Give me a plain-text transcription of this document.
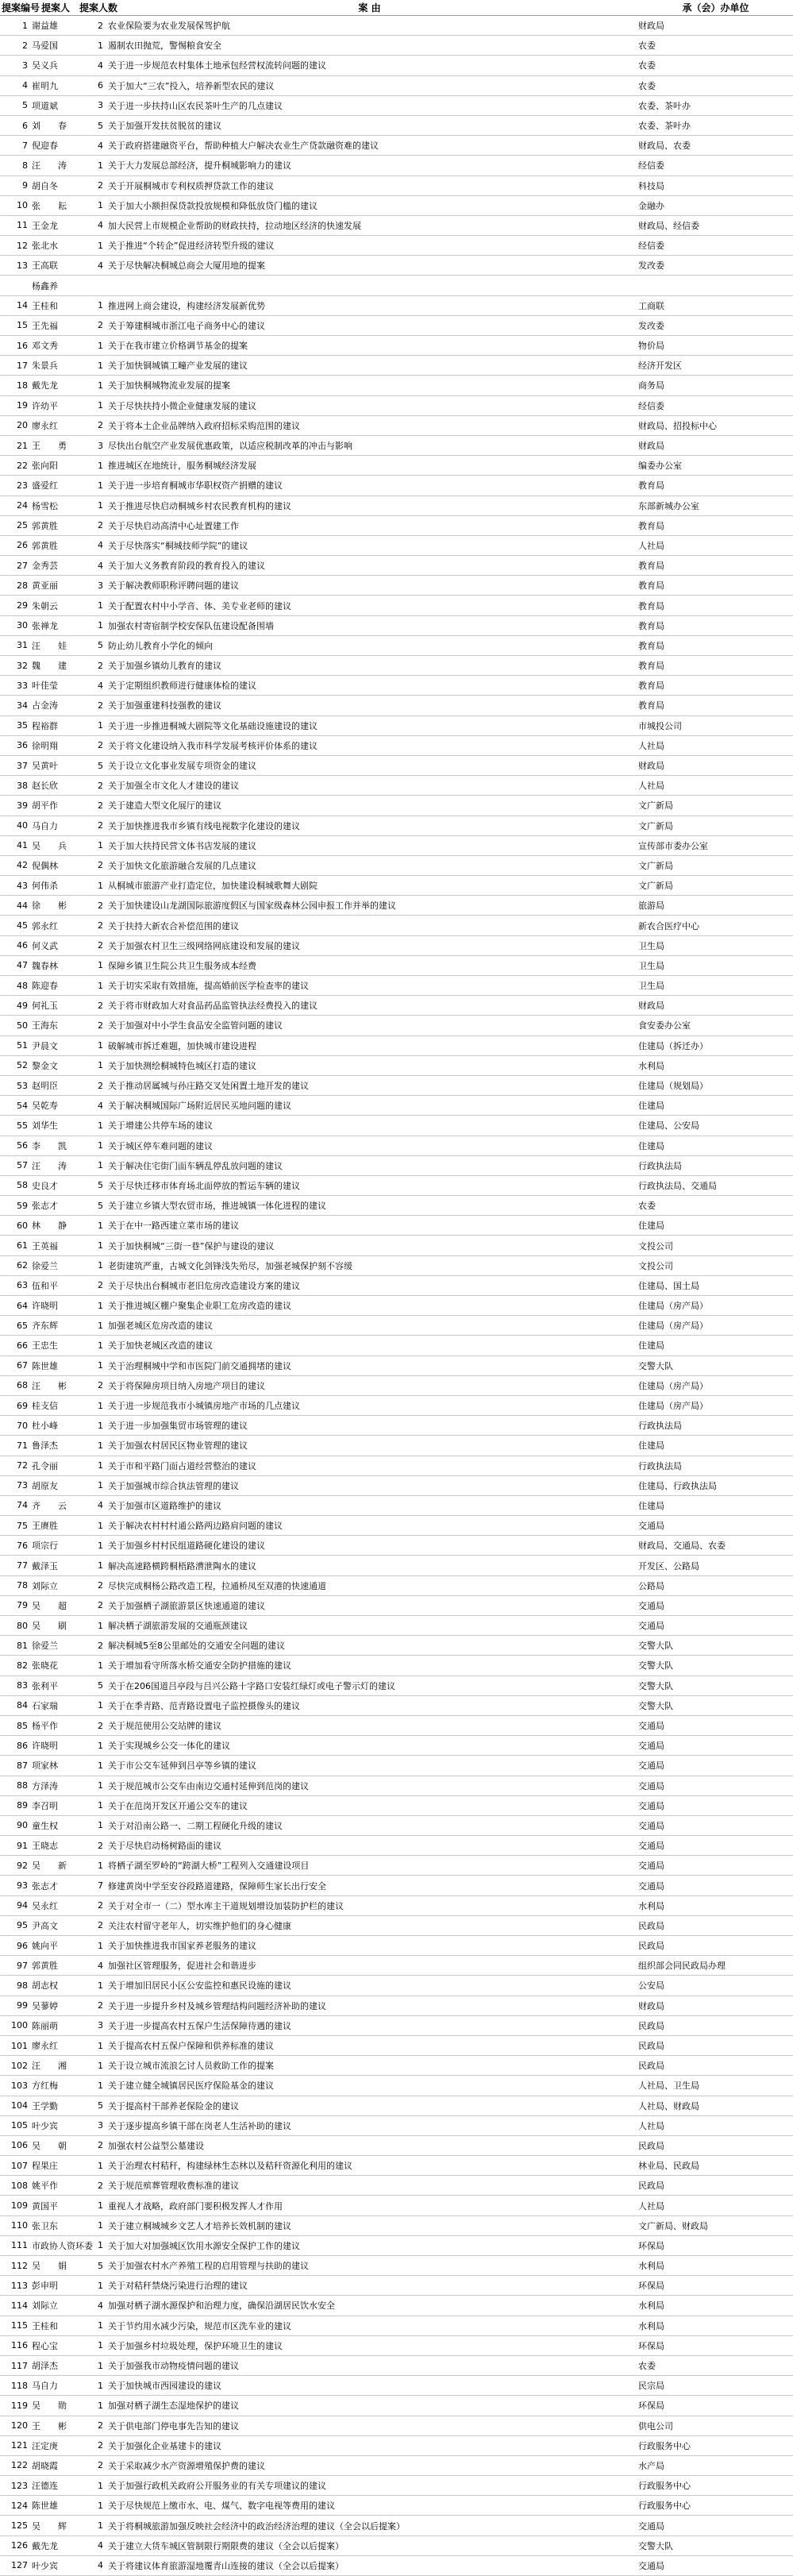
提案编号 提案人 提案人数	案 由	承（会）办单位
1 谢益雄	2 农业保险要为农业发展保驾护航	财政局
2 马爱国	1 遏制农田抛荒，警惕粮食安全	农委
3 吴义兵	4 关于进一步规范农村集体土地承包经营权流转问题的建议	农委
4 崔明九	6 关于加大“三农”投入，培养新型农民的建议	农委
5 项道斌	3 关于进一步扶持山区农民茶叶生产的几点建议	农委、茶叶办
6 刘　　春	5 关于加强开发扶贫脱贫的建议	农委、茶叶办
7 倪迎春	4 关于政府搭建融资平台，帮助种植大户解决农业生产贷款融资难的建议	财政局、农委
8 汪　　涛	1 关于大力发展总部经济，提升桐城影响力的建议	经信委
9 胡自冬	2 关于开展桐城市专利权质押贷款工作的建议	科技局
10 张　　耘	1 关于加大小额担保贷款投放规模和降低放贷门槛的建议	金融办
11 王金龙	4 加大民营上市规模企业帮助的财政扶持，拉动地区经济的快速发展	财政局、经信委
12 张北水	1 关于推进“个转企”促进经济转型升级的建议	经信委
13 王高联	4 关于尽快解决桐城总商会大厦用地的提案	发改委
杨鑫养
14 王桂和	1 推进网上商会建设，构建经济发展新优势	工商联
15 王先福	2 关于筹建桐城市浙江电子商务中心的建议	发改委
16 邓文秀	1 关于在我市建立价格调节基金的提案	物价局
17 朱景兵	1 关于加快铜城镇工疃产业发展的建议	经济开发区
18 戴先龙	1 关于加快桐城物流业发展的提案	商务局
19 许幼平	1 关于尽快扶持小微企业健康发展的建议	经信委
20 廖永红	2 关于将本土企业品牌纳入政府招标采购范围的建议	财政局、招投标中心
21 王　　勇	3 尽快出台航空产业发展优惠政策，以适应税制改革的冲击与影响	财政局
22 张向阳	1 推进城区在地统计，服务桐城经济发展	编委办公室
23 盛爱红	1 关于进一步培育桐城市华职权资产捐赠的建议	教育局
24 杨雪松	1 关于推进尽快启动桐城乡村农民教育机构的建议	东部新城办公室
25 郭黄胜	2 关于尽快启动高清中心址置建工作	教育局
26 郭黄胜	4 关于尽快落实“桐城技师学院”的建议	人社局
27 金秀芸	4 关于加大义务教育阶段的教育投入的建议	教育局
28 黄亚丽	3 关于解决教师职称评聘问题的建议	教育局
29 朱朝云	1 关于配置农村中小学音、体、美专业老师的建议	教育局
30 张禅龙	1 加强农村寄宿制学校安保队伍建设配备围墙	教育局
31 汪　　娃	5 防止幼儿教育小学化的倾向	教育局
32 魏　　建	2 关于加强乡镇幼儿教育的建议	教育局
33 叶佳莹	4 关于定期组织教师进行健康体检的建议	教育局
34 占金涛	2 关于加强重建科技强教的建议	教育局
35 程裕群	1 关于进一步推进桐城大剧院等文化基础设施建设的建议	市城投公司
36 徐明翔	2 关于将文化建设纳入我市科学发展考核评价体系的建议	人社局
37 吴黄叶	5 关于设立文化事业发展专项资金的建议	财政局
38 赵长欣	2 关于加强全市文化人才建设的建议	人社局
39 胡平作	2 关于建造大型文化展厅的建议	文广新局
40 马自力	2 关于加快推进我市乡镇有线电视数字化建设的建议	文广新局
41 吴　　兵	1 关于加大扶持民营文体书店发展的建议	宣传部市委办公室
42 倪偶林	2 关于加快文化旅游融合发展的几点建议	文广新局
43 何伟杀	1 从桐城市旅游产业打造定位，加快建设桐城歌舞大剧院	文广新局
44 徐　　彬	2 关于加快建设山龙湖国际旅游度假区与国家级森林公园申报工作并举的建议	旅游局
45 郭永红	2 关于扶持大新农合补偿范围的建议	新农合医疗中心
46 何义武	2 关于加强农村卫生三级网络网底建设和发展的建议	卫生局
47 魏春林	1 保障乡镇卫生院公共卫生服务成本经费	卫生局
48 陈迎春	1 关于切实采取有效措施，提高婚前医学检查率的建议	卫生局
49 何礼玉	2 关于将市财政加大对食品药品监管执法经费投入的建议	财政局
50 王海东	2 关于加强对中小学生食品安全监管问题的建议	食安委办公室
51 尹晨文	1 破解城市拆迁难题，加快城市建设进程	住建局（拆迁办）
52 黎金文	1 关于加快测绘桐城特色城区打造的建议	水利局
53 赵明臣	2 关于推动居属城与孙庄路交叉处闲置土地开发的建议	住建局（规划局）
54 吴乾寿	4 关于解决桐城国际广场附近居民买地问题的建议	住建局
55 刘华生	1 关于增建公共停车场的建议	住建局、公安局
56 李　　凯	1 关于城区停车难问题的建议	住建局
57 汪　　涛	1 关于解决住宅街门面车辆乱停乱放问题的建议	行政执法局
58 史良才	5 关于尽快迁移市体育场北面停放的暂运车辆的建议	行政执法局、交通局
59 张志才	5 关于建立乡镇大型农贸市场，推进城镇一体化进程的建议	农委
60 林　　静	1 关于在中一路西建立菜市场的建议	住建局
61 王英福	1 关于加快桐城“三街一巷”保护与建设的建议	文投公司
62 徐爱兰	1 老街建筑严重，古城文化剑锋浅失殆尽，加强老城保护刻不容缓	文投公司
63 伍和平	2 关于尽快出台桐城市老旧危房改造建设方案的建议	住建局、国土局
64 许晓明	1 关于推进城区棚户聚集企业职工危房改造的建议	住建局（房产局）
65 齐东辉	1 加强老城区危房改造的建议	住建局（房产局）
66 王忠生	1 关于加快老城区改造的建议	住建局
67 陈世雄	1 关于治理桐城中学和市医院门前交通拥堵的建议	交警大队
68 汪　　彬	2 关于将保障房项目纳入房地产项目的建议	住建局（房产局）
69 桂支信	1 关于进一步规范我市小城镇房地产市场的几点建议	住建局（房产局）
70 杜小峰	1 关于进一步加强集贸市场管理的建议	行政执法局
71 鲁泽杰	1 关于加强农村居民区物业管理的建议	住建局
72 孔令丽	1 关于市和平路门面占道经营整治的建议	行政执法局
73 胡原友	1 关于加强城市综合执法管理的建议	住建局、行政执法局
74 齐　　云	4 关于加强市区道路维护的建议	住建局
75 王赓胜	1 关于解决农村村村通公路两边路肩问题的建议	交通局
76 项宗行	1 关于加强乡村村民组道路硬化建设的建议	财政局、交通局、农委
77 戴泽玉	1 解决高速路横跨桐梧路漕泄陶水的建议	开发区、公路局
78 刘际立	2 尽快完成桐杨公路改造工程，拉通桥凤至双港的快速通道	公路局
79 吴　　超	2 关于加强栖子湖旅游景区快速通道的建议	交通局
80 吴　　刷	1 解决栖子湖旅游发展的交通瓶颈建议	交通局
81 徐爱兰	2 解决桐城5至8公里邮处的交通安全问题的建议	交警大队
82 张晓花	1 关于增加看守所落水桥交通安全防护措施的建议	交警大队
83 张利平	5 关于在206国道吕亭段与吕兴公路十字路口安装红绿灯或电子警示灯的建议	交警大队
84 石家瑞	1 关于在季青路、范青路设置电子监控摄像头的建议	交警大队
85 杨平作	2 关于规范使用公交站牌的建议	交通局
86 许晓明	1 关于实现城乡公交一体化的建议	交通局
87 项家林	1 关于市公交车延伸到吕亭等乡镇的建议	交通局
88 方泽涛	1 关于规范城市公交车由南边交通村延伸到范岗的建议	交通局
89 李召明	1 关于在范岗开发区开通公交车的建议	交通局
90 童生权	1 关于对沿南公路一、二期工程硬化升级的建议	交通局
91 王晓志	2 关于尽快启动杨树路面的建议	交通局
92 吴　　新	1 将栖子湖至罗岭的“跨湖大桥”工程列入交通建设项目	交通局
93 张志才	7 修建黄岗中学至安谷段路道建路，保障师生家长出行安全	交通局
94 吴永红	2 关于对全市一（二）型水库主干道规划增设加装防护栏的建议	水利局
95 尹高文	2 关注农村留守老年人，切实维护他们的身心健康	民政局
96 姚向平	1 关于加快推进我市国家养老服务的建议	民政局
97 郭黄胜	4 加强社区管理服务，促进社会和谐进步	组织部会同民政局办理
98 胡志权	1 关于增加旧居民小区公安监控和惠民设施的建议	公安局
99 吴蓼婷	2 关于进一步提升乡村及城乡管理结构问题经济补助的建议	财政局
100 陈丽萌	3 关于进一步提高农村五保户生活保障待遇的建议	民政局
101 廖永红	1 关于提高农村五保户保障和供养标准的建议	民政局
102 汪　　湘	1 关于设立城市流浪乞讨人员救助工作的提案	民政局
103 方红梅	1 关于建立健全城镇居民医疗保险基金的建议	人社局、卫生局
104 王学勤	5 关于提高村干部养老保险金的建议	人社局、财政局
105 叶少宾	3 关于逐步提高乡镇干部在岗老人生活补助的建议	人社局
106 吴　　朝	2 加强农村公益型公墓建设	民政局
107 程果庄	1 关于治理农村秸秆，构建绿林生态林以及秸秆资源化利用的建议	林业局、民政局
108 姚平作	2 关于规范殡葬管理收费标准的建议	民政局
109 黄国平	1 重视人才战略，政府部门要积极发挥人才作用	人社局
110 张卫东	1 关于建立桐城城乡文艺人才培养长效机制的建议	文广新局、财政局
111 市政协人资环委 1 关于加大对加强城区饮用水源安全保护工作的建议	环保局
112 吴　　娟	5 关于加强农村水产养殖工程的启用管理与扶助的建议	水利局
113 彭申明	1 关于对秸秆禁烧污染进行治理的建议	环保局
114 刘际立	4 加强对栖子湖水源保护和治理力度，确保沿湖居民饮水安全	水利局
115 王桂和	1 关于节约用水减少污染，规范市区洗车业的建议	水利局
116 程心宝	1 关于加强乡村垃圾处理，保护环境卫生的建议	环保局
117 胡泽杰	1 关于加强我市动物疫情问题的建议	农委
118 马自力	1 关于加快城市西园建设的建议	民宗局
119 吴　　勋	1 加强对栖子湖生态湿地保护的建议	环保局
120 王　　彬	2 关于供电部门停电事先告知的建议	供电公司
121 汪定庚	2 关于加强化企业基建卡的建议	行政服务中心
122 胡晓霞	2 关于采取减少水产资源增殖保护费的建议	水产局
123 汪德连	1 关于加强行政机关政府公开服务业的有关专项建议的建议	行政服务中心
124 陈世雄	1 关于尽快规范上缴市水、电、煤气、数字电视等费用的建议	行政服务中心
125 吴　　辉	1 关于将桐城旅游加强反映社会经济中的政治经济治理的建议（全会以后提案）	交通局
126 戴先龙	4 关于建立大货车城区管制限行期限费的建议（全会以后提案）	交警大队
127 叶少宾	4 关于将建议体育旅游湿地覆青山连接的建议（全会以后提案）	交通局
